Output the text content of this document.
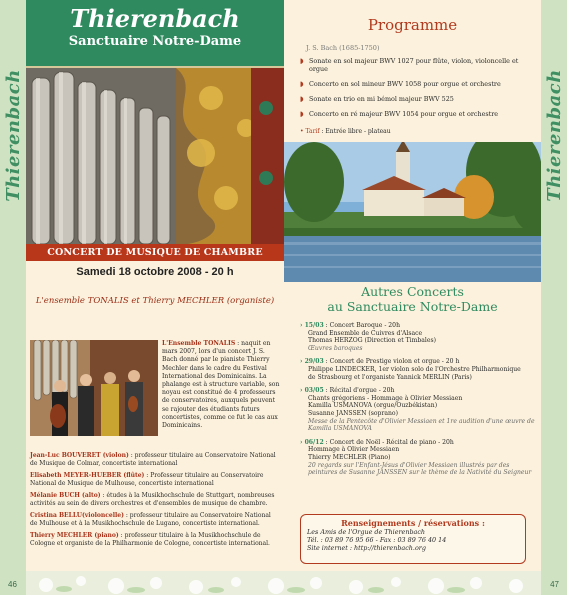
Thierenbach
46
Thierenbach
47
Thierenbach
Sanctuaire Notre-Dame
CONCERT DE MUSIQUE DE CHAMBRE
Samedi 18 octobre 2008 - 20 h
L'ensemble TONALIS et Thierry MECHLER (organiste)
L'Ensemble TONALIS : naquit en mars 2007, lors d'un concert J. S. Bach donné par le pianiste Thierry Mechler dans le cadre du Festival International des Dominicains. La phalange est à structure variable, son noyau est constitué de 4 professeurs de conservatoires, auxquels peuvent se rajouter des étudiants futurs concertistes, comme ce fut le cas aux Dominicains.

Jean-Luc BOUVERET (violon) : professeur titulaire au Conservatoire National de Musique de Colmar, concertiste international

Elisabeth MEYER-HUEBER (flûte) : Professeur titulaire au Conservatoire National de Musique de Mulhouse, concertiste international

Mélanie BUCH (alto) : études à la Musikhochschule de Stuttgart, nombreuses activités au sein de divers orchestres et d'ensembles de musique de chambre.

Cristina BELLU(violoncelle) : professeur titulaire au Conservatoire National de Mulhouse et à la Musikhochschule de Lugano, concertiste international.

Thierry MECHLER (piano) : professeur titulaire à la Musikhochschule de Cologne et organiste de la Philharmonie de Cologne, concertiste international.

Programme
J. S. Bach (1685-1750)
◗ Sonate en sol majeur BWV 1027 pour flûte, violon, violoncelle et orgue
◗ Concerto en sol mineur BWV 1058 pour orgue et orchestre
◗ Sonate en trio en mi bémol majeur BWV 525
◗ Concerto en ré majeur BWV 1054 pour orgue et orchestre
• Tarif : Entrée libre - plateau
Autres Concerts
au Sanctuaire Notre-Dame
› 15/03 : Concert Baroque - 20h
Grand Ensemble de Cuivres d'Alsace
Thomas HERZOG (Direction et Timbales)
Œuvres baroques
› 29/03 : Concert de Prestige violon et orgue - 20 h
Philippe LINDECKER, 1er violon solo de l'Orchestre Philharmonique
de Strasbourg et l'organiste Yannick MERLIN (Paris)
› 03/05 : Récital d'orgue - 20h
Chants grégoriens - Hommage à Olivier Messiaen
Kamilla USMANOVA (orgue/Ouzbékistan)
Susanne JANSSEN (soprano)
Messe de la Pentecôte d'Olivier Messiaen et 1re audition d'une œuvre de Kamilla USMANOVA
› 06/12 : Concert de Noël - Récital de piano - 20h
Hommage à Olivier Messiaen
Thierry MECHLER (Piano)
20 regards sur l'Enfant-Jésus d'Olivier Messiaen illustrés par des peintures de Susanne JANSSEN sur le thème de la Nativité du Seigneur
Renseignements / réservations :
Les Amis de l'Orgue de Thierenbach
Tél. : 03 89 76 95 66 - Fax : 03 89 76 40 14
Site internet : http://thierenbach.org
